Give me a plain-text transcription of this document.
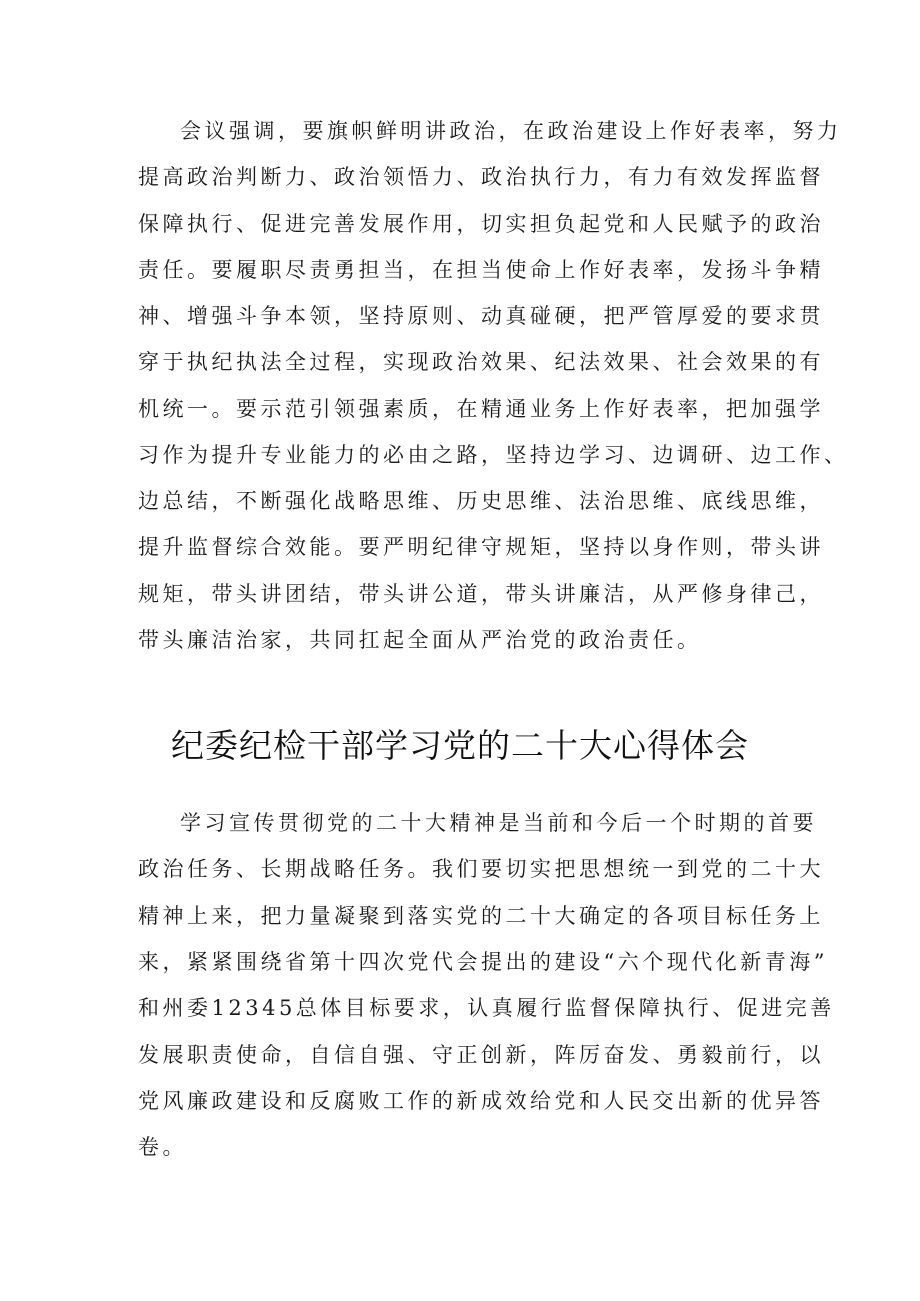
会议强调，要旗帜鲜明讲政治，在政治建设上作好表率，努力
提高政治判断力、政治领悟力、政治执行力，有力有效发挥监督
保障执行、促进完善发展作用，切实担负起党和人民赋予的政治
责任。要履职尽责勇担当，在担当使命上作好表率，发扬斗争精
神、增强斗争本领，坚持原则、动真碰硬，把严管厚爱的要求贯
穿于执纪执法全过程，实现政治效果、纪法效果、社会效果的有
机统一。要示范引领强素质，在精通业务上作好表率，把加强学
习作为提升专业能力的必由之路，坚持边学习、边调研、边工作、
边总结，不断强化战略思维、历史思维、法治思维、底线思维，
提升监督综合效能。要严明纪律守规矩，坚持以身作则，带头讲
规矩，带头讲团结，带头讲公道，带头讲廉洁，从严修身律己，
带头廉洁治家，共同扛起全面从严治党的政治责任。
纪委纪检干部学习党的二十大心得体会
学习宣传贯彻党的二十大精神是当前和今后一个时期的首要
政治任务、长期战略任务。我们要切实把思想统一到党的二十大
精神上来，把力量凝聚到落实党的二十大确定的各项目标任务上
来，紧紧围绕省第十四次党代会提出的建设“六个现代化新青海”
和州委12345总体目标要求，认真履行监督保障执行、促进完善
发展职责使命，自信自强、守正创新，阵厉奋发、勇毅前行，以
党风廉政建设和反腐败工作的新成效给党和人民交出新的优异答
卷。
